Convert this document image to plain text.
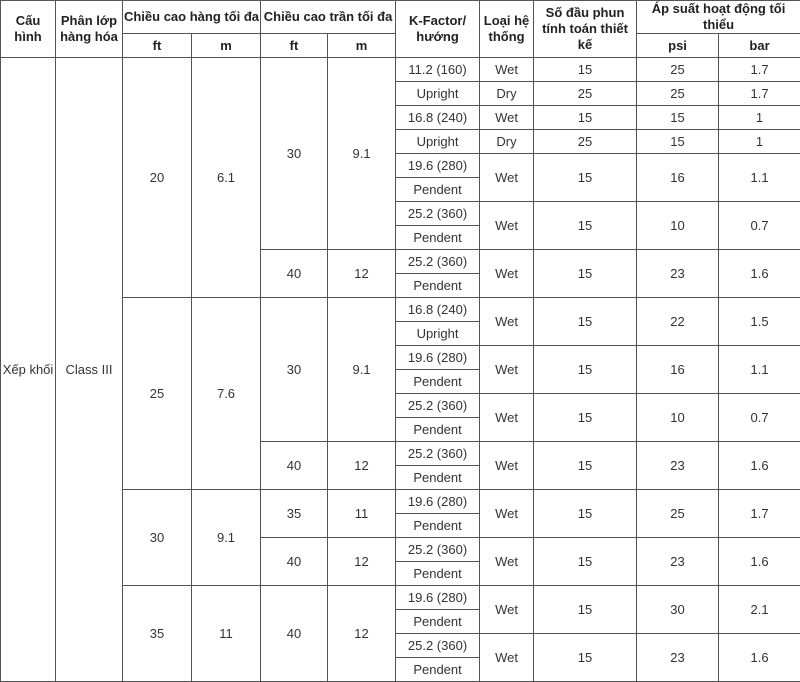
Cấu hình	Phân lớp hàng hóa	Chiều cao hàng tối đa		Chiều cao trần tối đa		K-Factor/ hướng	Loại hệ thống	Số đầu phun tính toán thiết kế	Áp suất hoạt động tối thiểu	
		ft	m	ft	m				psi	bar
Xếp khối	Class III	20	6.1	30	9.1	11.2 (160)	Wet	15	25	1.7
						Upright	Dry	25	25	1.7
						16.8 (240)	Wet	15	15	1
						Upright	Dry	25	15	1
						19.6 (280)	Wet	15	16	1.1
						Pendent				
						25.2 (360)	Wet	15	10	0.7
						Pendent				
				40	12	25.2 (360)	Wet	15	23	1.6
						Pendent				
		25	7.6	30	9.1	16.8 (240)	Wet	15	22	1.5
						Upright				
						19.6 (280)	Wet	15	16	1.1
						Pendent				
						25.2 (360)	Wet	15	10	0.7
						Pendent				
				40	12	25.2 (360)	Wet	15	23	1.6
						Pendent				
		30	9.1	35	11	19.6 (280)	Wet	15	25	1.7
						Pendent				
				40	12	25.2 (360)	Wet	15	23	1.6
						Pendent				
		35	11	40	12	19.6 (280)	Wet	15	30	2.1
						Pendent				
						25.2 (360)	Wet	15	23	1.6
						Pendent				
